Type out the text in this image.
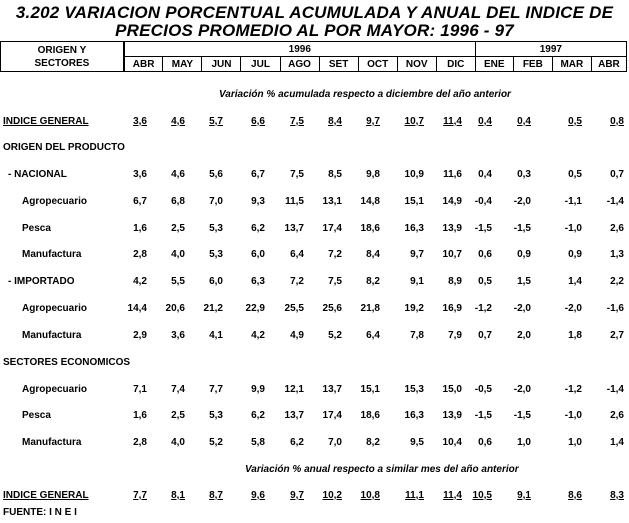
3.202 VARIACION PORCENTUAL ACUMULADA Y ANUAL DEL INDICE DE
PRECIOS PROMEDIO AL POR MAYOR: 1996 - 97
ORIGEN Y
SECTORES	1996									1997			
	ABR	MAY	JUN	JUL	AGO	SET	OCT	NOV	DIC	ENE	FEB	MAR	ABR
Variación % acumulada respecto a diciembre del año anterior
Variación % anual respecto a similar mes del año anterior
INDICE GENERAL	3,6	4,6	5,7	6,6	7,5	8,4	9,7	10,7	11,4	0,4	0,4	0,5	0,8
ORIGEN DEL PRODUCTO
- NACIONAL	3,6	4,6	5,6	6,7	7,5	8,5	9,8	10,9	11,6	0,4	0,3	0,5	0,7
Agropecuario	6,7	6,8	7,0	9,3	11,5	13,1	14,8	15,1	14,9	-0,4	-2,0	-1,1	-1,4
Pesca	1,6	2,5	5,3	6,2	13,7	17,4	18,6	16,3	13,9	-1,5	-1,5	-1,0	2,6
Manufactura	2,8	4,0	5,3	6,0	6,4	7,2	8,4	9,7	10,7	0,6	0,9	0,9	1,3
- IMPORTADO	4,2	5,5	6,0	6,3	7,2	7,5	8,2	9,1	8,9	0,5	1,5	1,4	2,2
Agropecuario	14,4	20,6	21,2	22,9	25,5	25,6	21,8	19,2	16,9	-1,2	-2,0	-2,0	-1,6
Manufactura	2,9	3,6	4,1	4,2	4,9	5,2	6,4	7,8	7,9	0,7	2,0	1,8	2,7
SECTORES ECONOMICOS
Agropecuario	7,1	7,4	7,7	9,9	12,1	13,7	15,1	15,3	15,0	-0,5	-2,0	-1,2	-1,4
Pesca	1,6	2,5	5,3	6,2	13,7	17,4	18,6	16,3	13,9	-1,5	-1,5	-1,0	2,6
Manufactura	2,8	4,0	5,2	5,8	6,2	7,0	8,2	9,5	10,4	0,6	1,0	1,0	1,4
INDICE GENERAL	7,7	8,1	8,7	9,6	9,7	10,2	10,8	11,1	11,4	10,5	9,1	8,6	8,3
FUENTE: I N E I
